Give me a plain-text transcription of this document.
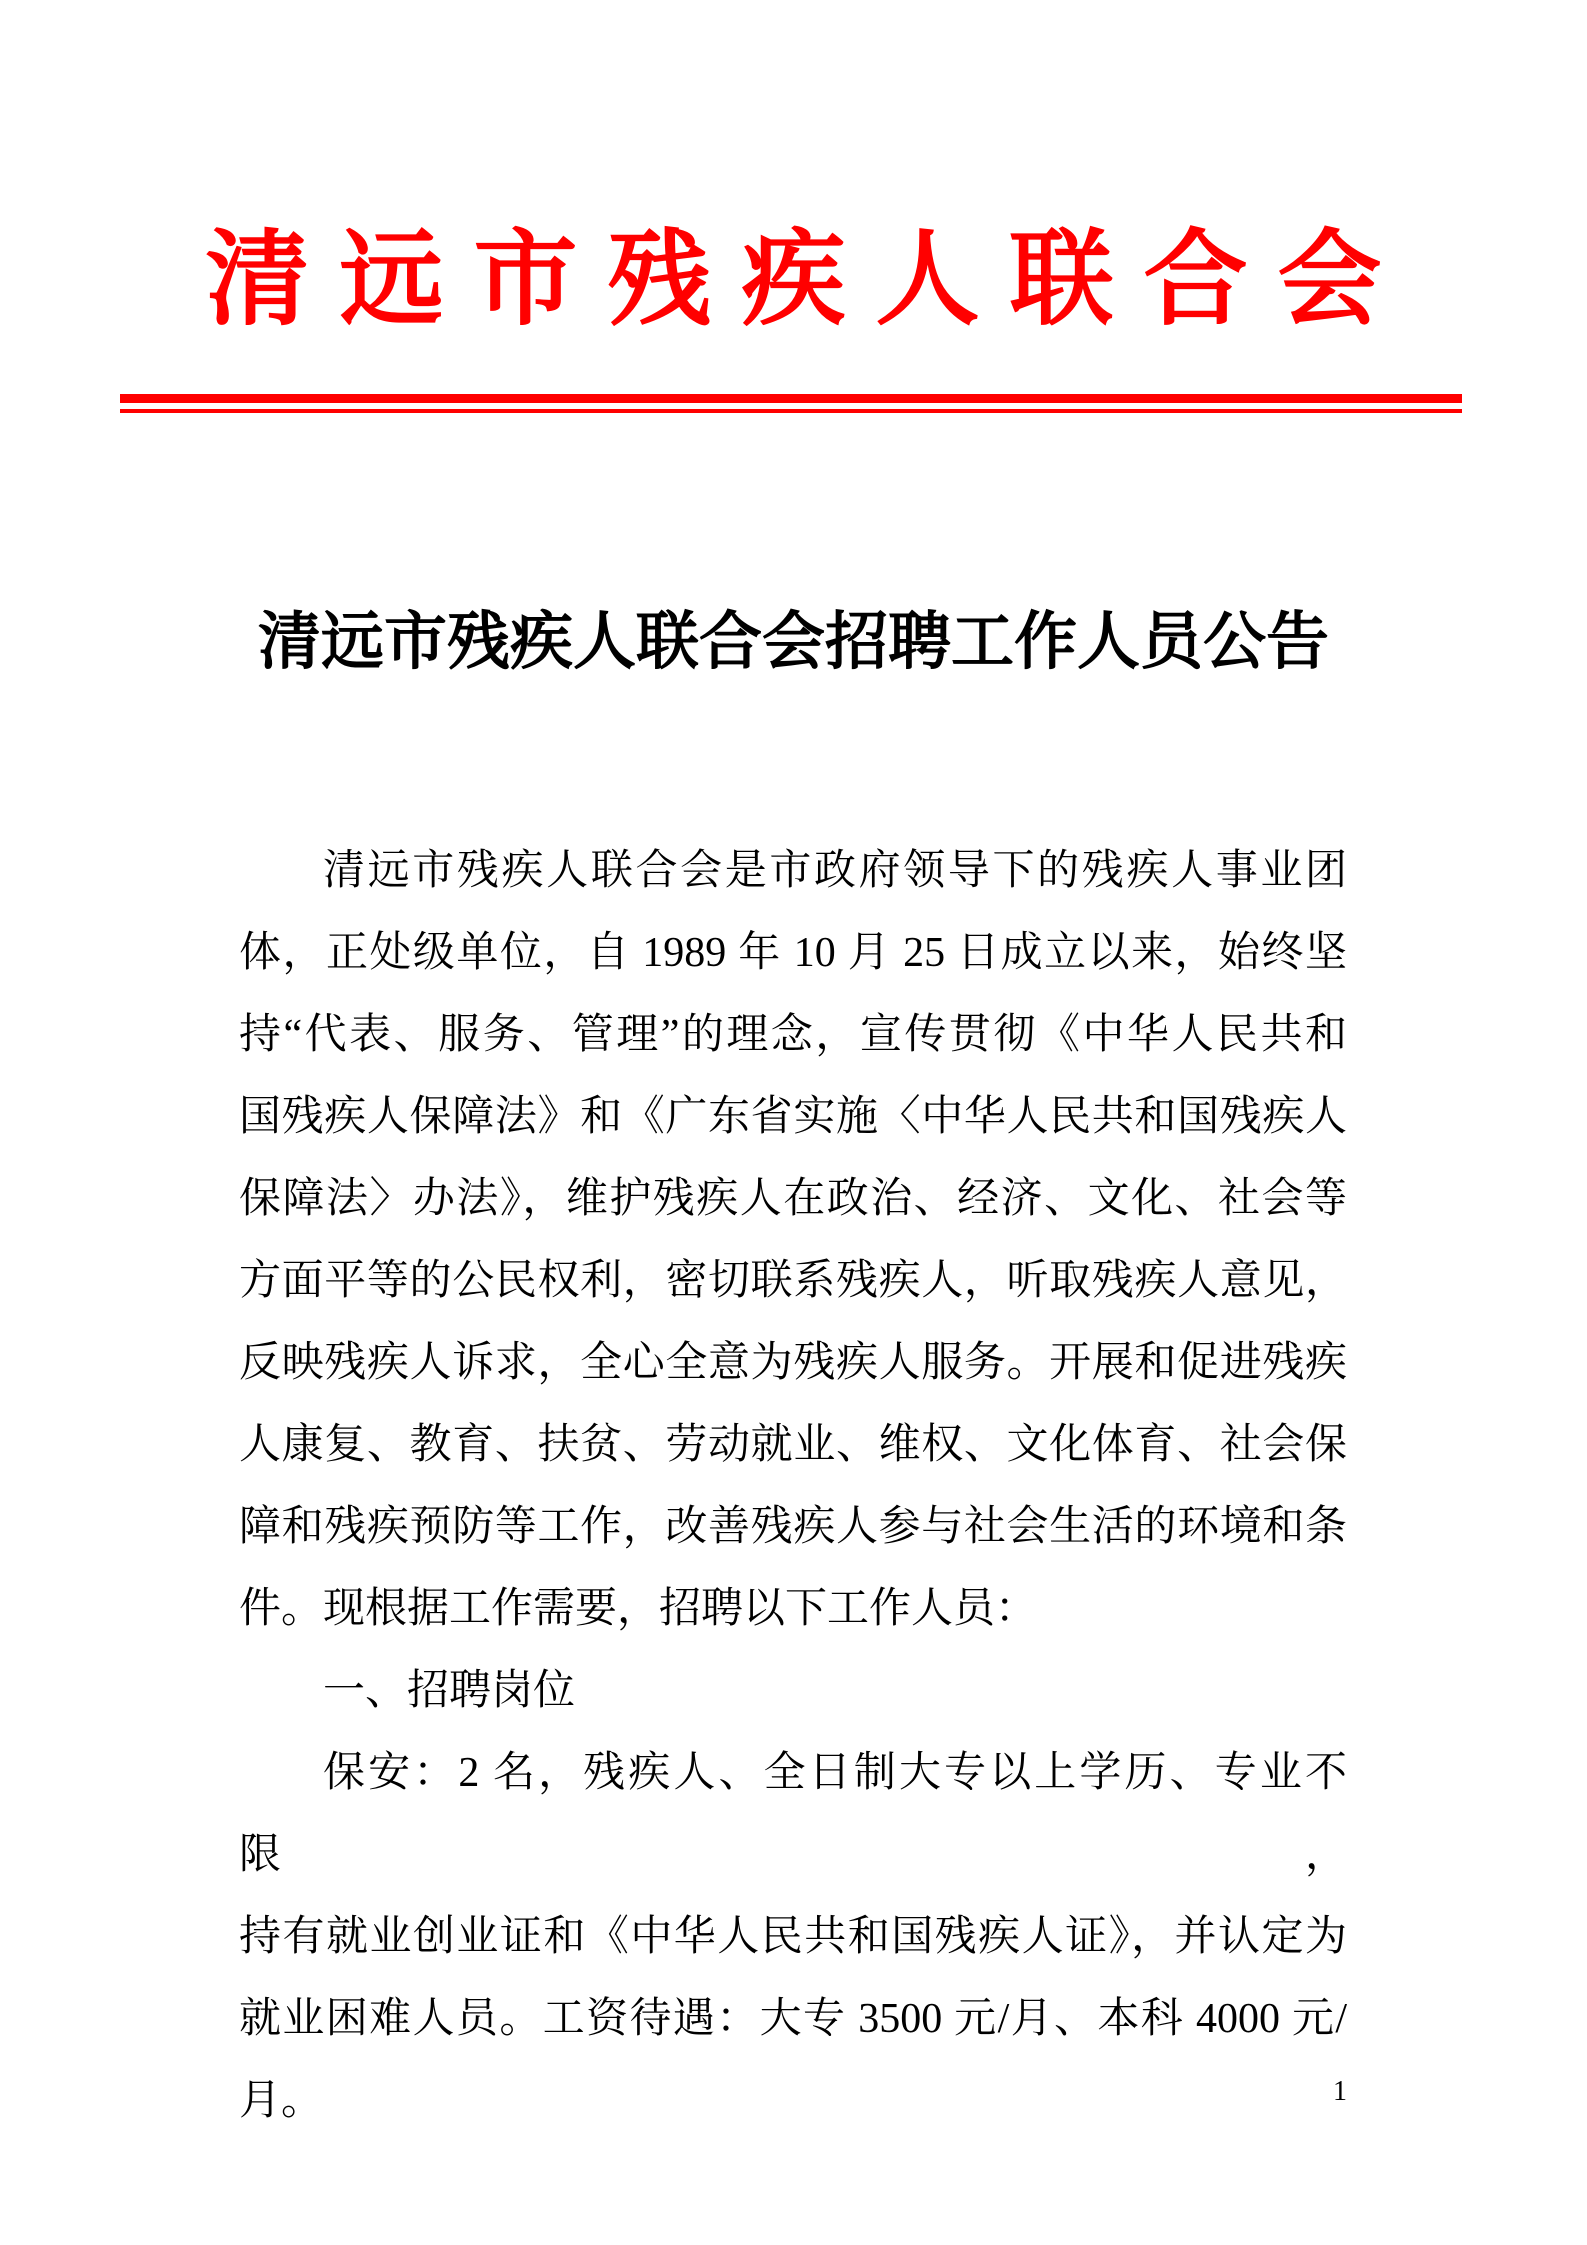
清远市残疾人联合会
清远市残疾人联合会招聘工作人员公告
清远市残疾人联合会是市政府领导下的残疾人事业团
体，正处级单位，自 1989 年 10 月 25 日成立以来，始终坚
持“代表、服务、管理”的理念，宣传贯彻《中华人民共和
国残疾人保障法》和《广东省实施〈中华人民共和国残疾人
保障法〉办法》，维护残疾人在政治、经济、文化、社会等
方面平等的公民权利，密切联系残疾人，听取残疾人意见，
反映残疾人诉求，全心全意为残疾人服务。开展和促进残疾
人康复、教育、扶贫、劳动就业、维权、文化体育、社会保
障和残疾预防等工作，改善残疾人参与社会生活的环境和条
件。现根据工作需要，招聘以下工作人员：
一、招聘岗位
保安：2 名，残疾人、全日制大专以上学历、专业不限，
持有就业创业证和《中华人民共和国残疾人证》，并认定为
就业困难人员。工资待遇：大专 3500 元/月、本科 4000 元/
月。	1
